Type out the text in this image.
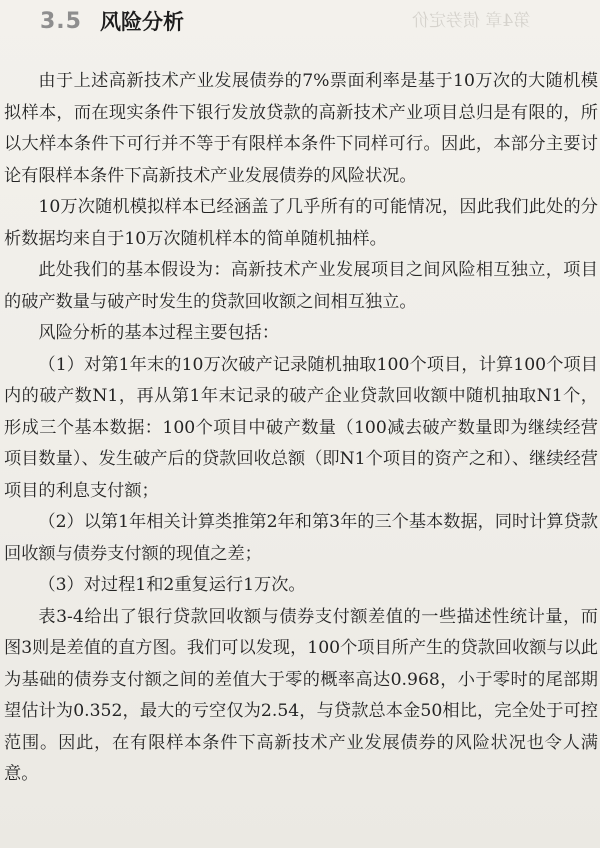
第4章 债券定价
3.5 风险分析

由于上述高新技术产业发展债券的7%票面利率是基于10万次的大随机模拟样本，而在现实条件下银行发放贷款的高新技术产业项目总归是有限的，所以大样本条件下可行并不等于有限样本条件下同样可行。因此，本部分主要讨论有限样本条件下高新技术产业发展债券的风险状况。

10万次随机模拟样本已经涵盖了几乎所有的可能情况，因此我们此处的分析数据均来自于10万次随机样本的简单随机抽样。

此处我们的基本假设为：高新技术产业发展项目之间风险相互独立，项目的破产数量与破产时发生的贷款回收额之间相互独立。

风险分析的基本过程主要包括：

（1）对第1年末的10万次破产记录随机抽取100个项目，计算100个项目内的破产数N1，再从第1年末记录的破产企业贷款回收额中随机抽取N1个，形成三个基本数据：100个项目中破产数量（100减去破产数量即为继续经营项目数量）、发生破产后的贷款回收总额（即N1个项目的资产之和）、继续经营项目的利息支付额；

（2）以第1年相关计算类推第2年和第3年的三个基本数据，同时计算贷款回收额与债券支付额的现值之差；

（3）对过程1和2重复运行1万次。

表3-4给出了银行贷款回收额与债券支付额差值的一些描述性统计量，而图3则是差值的直方图。我们可以发现，100个项目所产生的贷款回收额与以此为基础的债券支付额之间的差值大于零的概率高达0.968，小于零时的尾部期望估计为0.352，最大的亏空仅为2.54，与贷款总本金50相比，完全处于可控范围。因此，在有限样本条件下高新技术产业发展债券的风险状况也令人满意。
